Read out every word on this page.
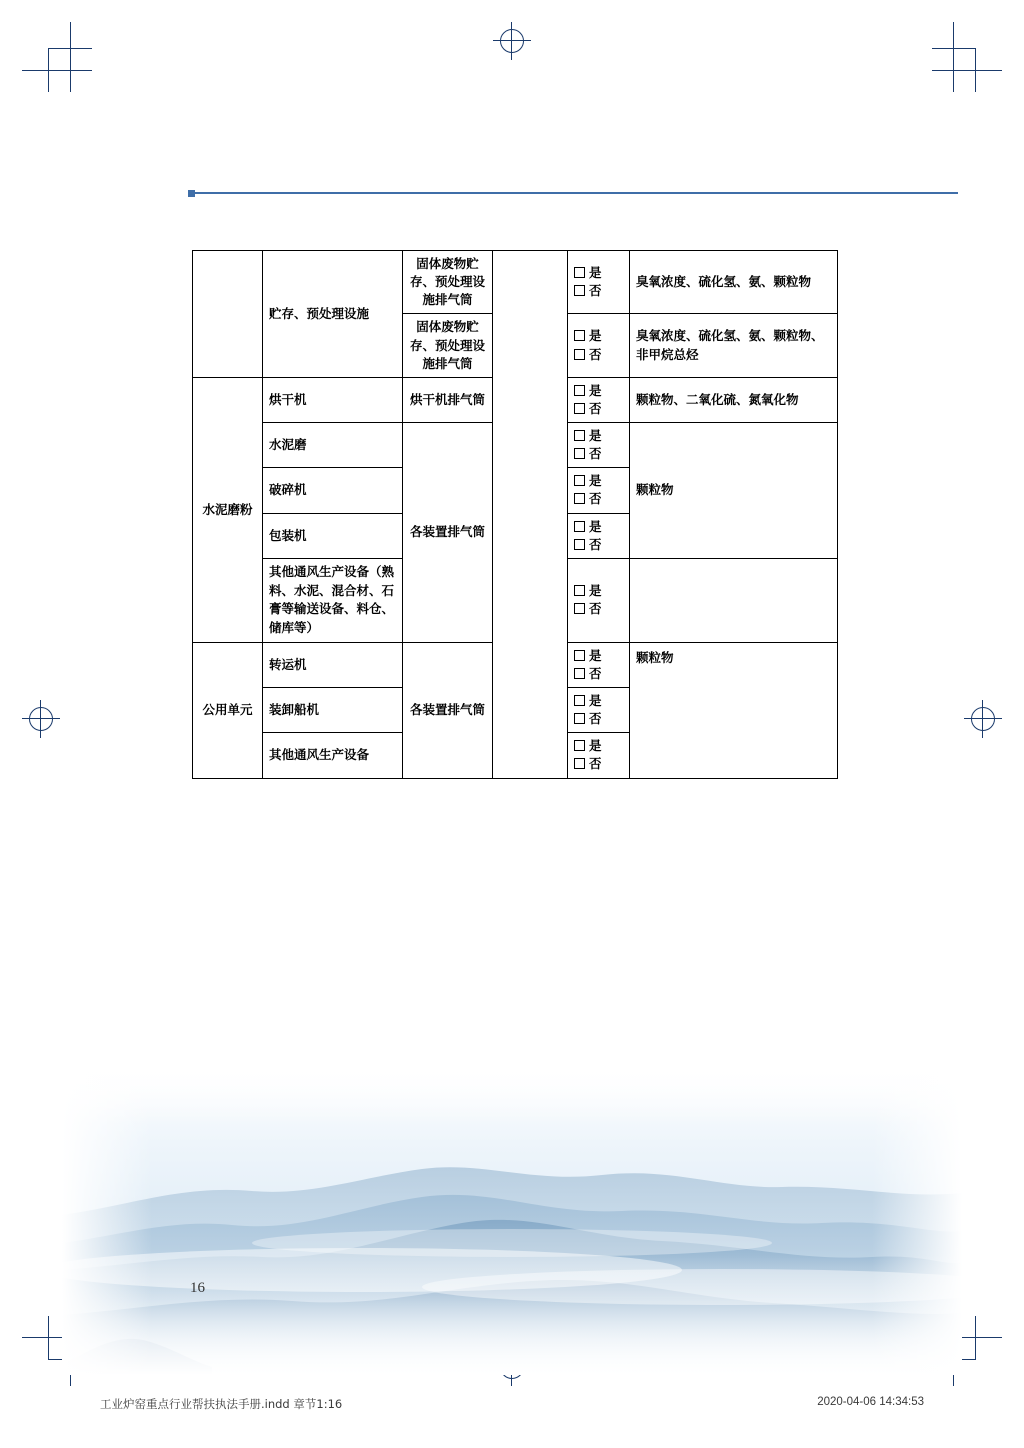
	贮存、预处理设施	固体废物贮存、预处理设施排气筒		是
否	臭氧浓度、硫化氢、氨、颗粒物
		固体废物贮存、预处理设施排气筒		是
否	臭氧浓度、硫化氢、氨、颗粒物、非甲烷总烃
水泥磨粉	烘干机	烘干机排气筒		是
否	颗粒物、二氧化硫、氮氧化物
	水泥磨	各装置排气筒		是
否	颗粒物
	破碎机			是
否	

	包装机			是
否	

	其他通风生产设备（熟料、水泥、混合材、石膏等输送设备、料仓、储库等）			是
否	

公用单元	转运机	各装置排气筒		是
否	颗粒物
	装卸船机			是
否	

	其他通风生产设备			是
否	
16
工业炉窑重点行业帮扶执法手册.indd 章节1:16	2020-04-06 14:34:53
